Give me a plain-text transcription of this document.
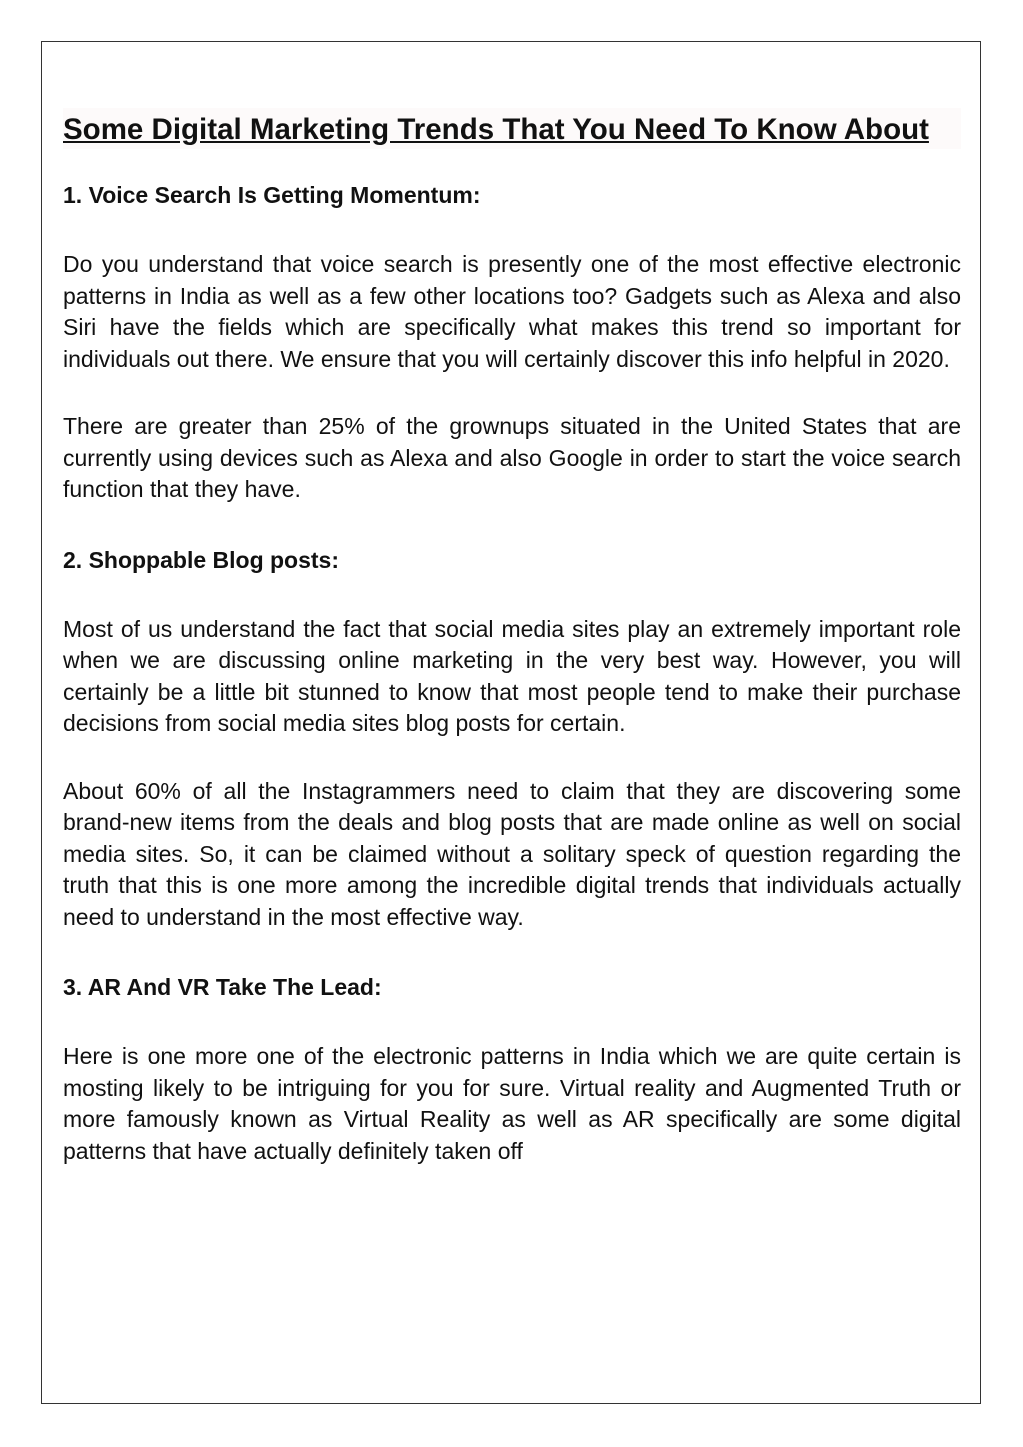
Some Digital Marketing Trends That You Need To Know About
1. Voice Search Is Getting Momentum:

Do you understand that voice search is presently one of the most effective electronic patterns in India as well as a few other locations too? Gadgets such as Alexa and also Siri have the fields which are specifically what makes this trend so important for individuals out there. We ensure that you will certainly discover this info helpful in 2020.

There are greater than 25% of the grownups situated in the United States that are currently using devices such as Alexa and also Google in order to start the voice search function that they have.

2. Shoppable Blog posts:

Most of us understand the fact that social media sites play an extremely important role when we are discussing online marketing in the very best way. However, you will certainly be a little bit stunned to know that most people tend to make their purchase decisions from social media sites blog posts for certain.

About 60% of all the Instagrammers need to claim that they are discovering some brand-new items from the deals and blog posts that are made online as well on social media sites. So, it can be claimed without a solitary speck of question regarding the truth that this is one more among the incredible digital trends that individuals actually need to understand in the most effective way.

3. AR And VR Take The Lead:

Here is one more one of the electronic patterns in India which we are quite certain is mosting likely to be intriguing for you for sure. Virtual reality and Augmented Truth or more famously known as Virtual Reality as well as AR specifically are some digital patterns that have actually definitely taken off
